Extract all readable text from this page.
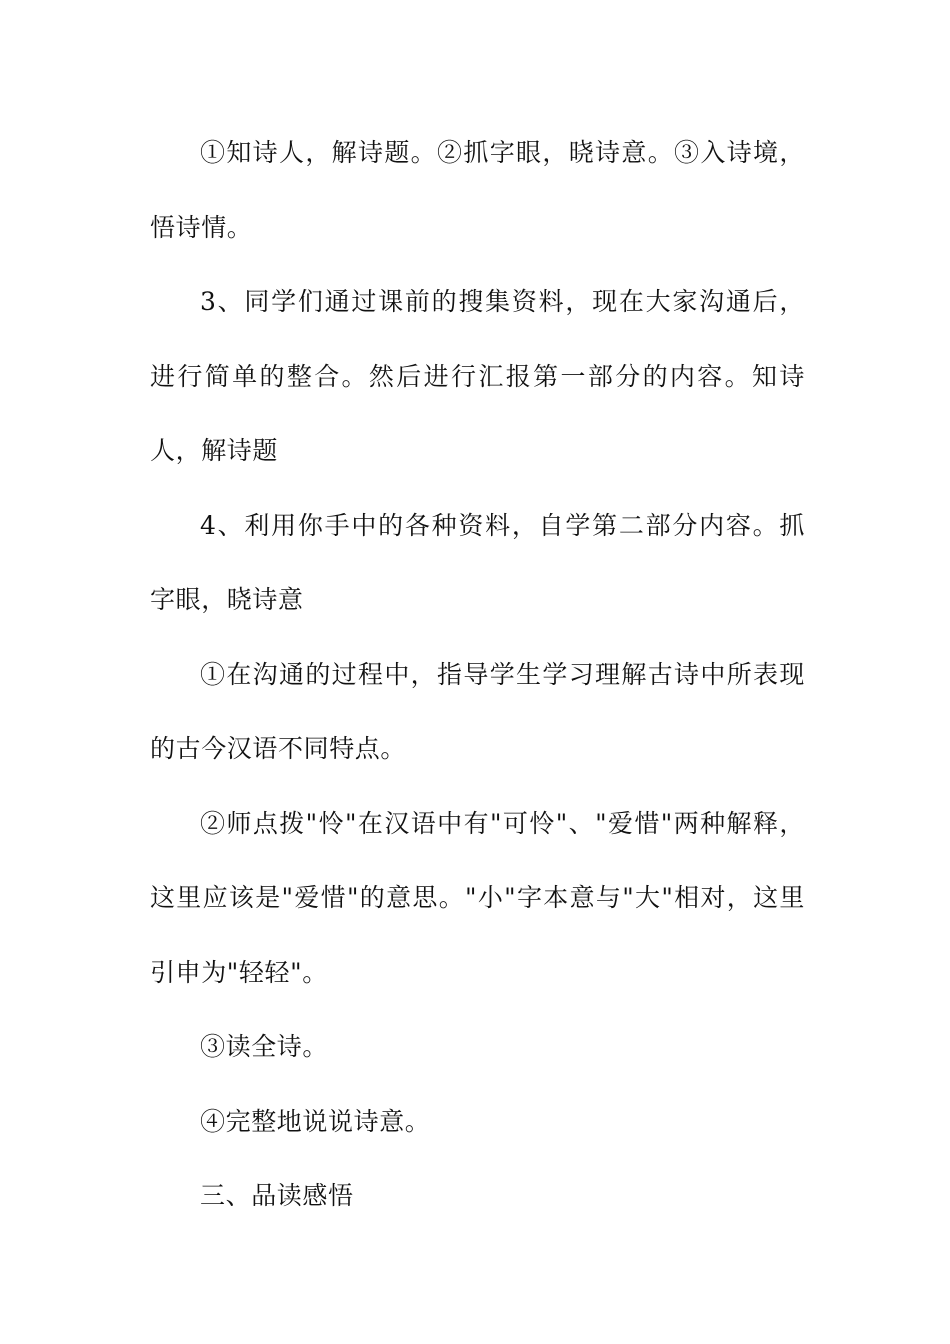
①知诗人，解诗题。②抓字眼，晓诗意。③入诗境，悟诗情。

3、同学们通过课前的搜集资料，现在大家沟通后，进行简单的整合。然后进行汇报第一部分的内容。知诗人，解诗题

4、利用你手中的各种资料，自学第二部分内容。抓字眼，晓诗意

①在沟通的过程中，指导学生学习理解古诗中所表现的古今汉语不同特点。

②师点拨"怜"在汉语中有"可怜"、"爱惜"两种解释，这里应该是"爱惜"的意思。"小"字本意与"大"相对，这里引申为"轻轻"。

③读全诗。

④完整地说说诗意。

三、品读感悟
